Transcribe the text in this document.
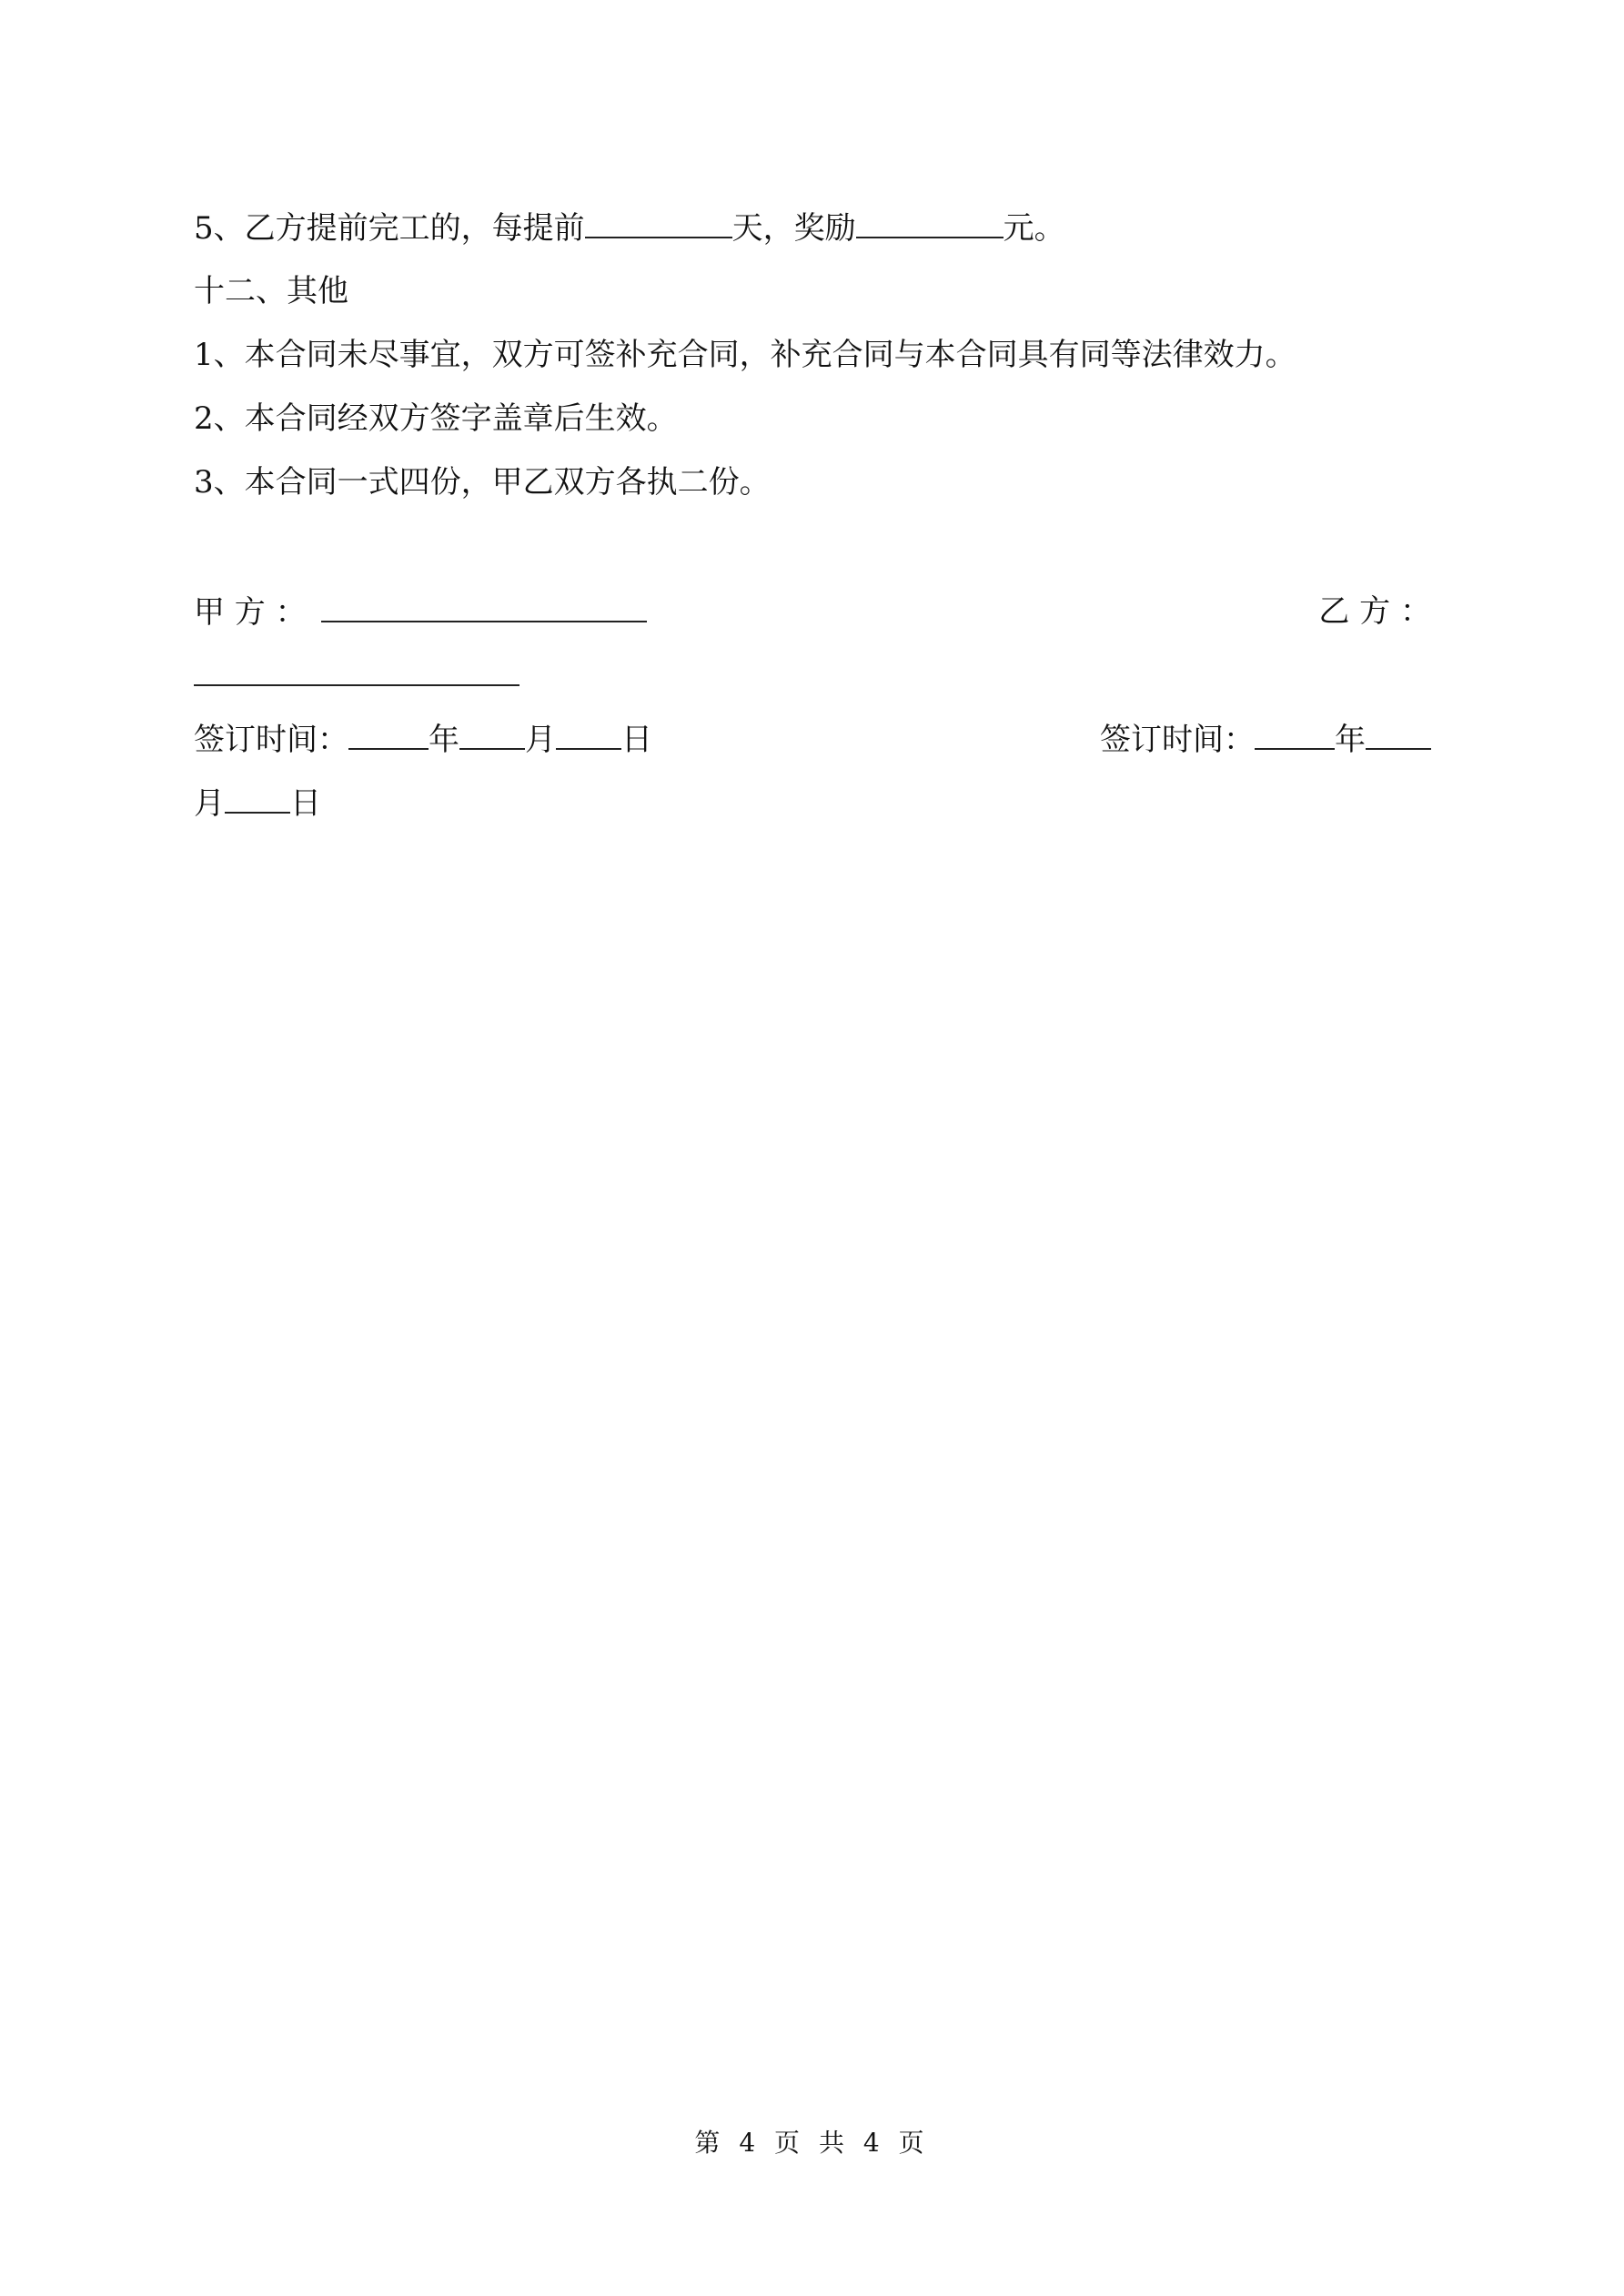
5、乙方提前完工的，每提前	天，奖励	元。
十二、其他
1、本合同未尽事宜，双方可签补充合同，补充合同与本合同具有同等法律效力。
2、本合同经双方签字盖章后生效。
3、本合同一式四份，甲乙双方各执二份。
甲 方 ：	乙 方 ：
签订时间：	年 月 日	签订时间：	年
月 日
第 4 页 共 4 页
